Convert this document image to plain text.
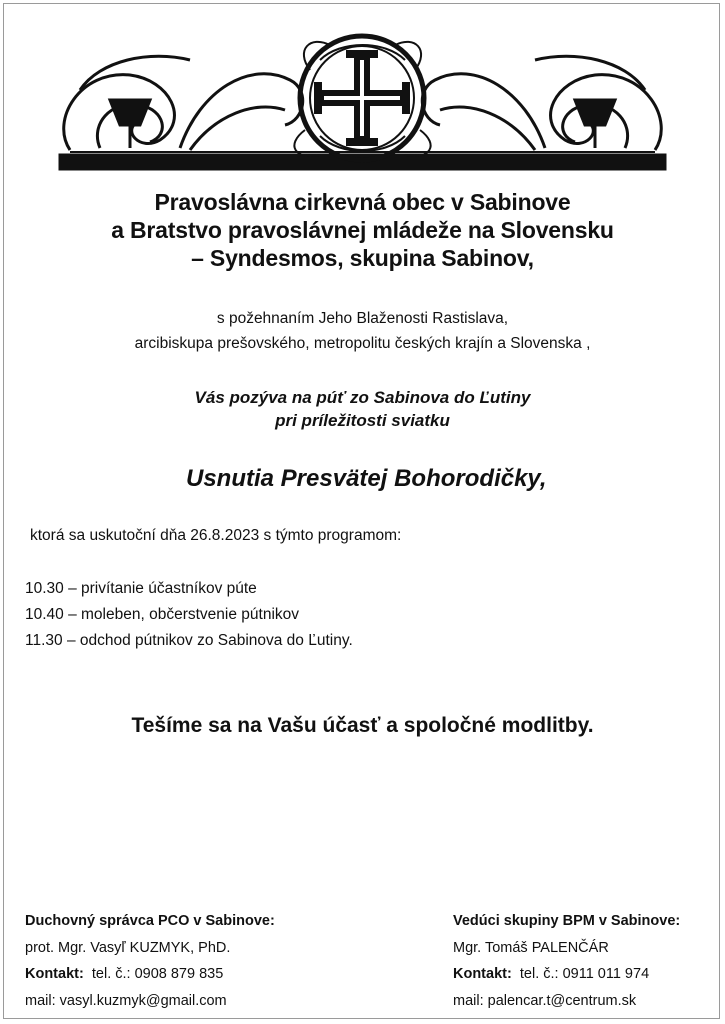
Pravoslávna cirkevná obec v Sabinove
a Bratstvo pravoslávnej mládeže na Slovensku
– Syndesmos, skupina Sabinov,
s požehnaním Jeho Blaženosti Rastislava,
arcibiskupa prešovského, metropolitu českých krajín a Slovenska ,
Vás pozýva na púť zo Sabinova do Ľutiny
pri príležitosti sviatku
Usnutia Presvätej Bohorodičky,
ktorá sa uskutoční dňa 26.8.2023 s týmto programom:
10.30 – privítanie účastníkov púte
10.40 – moleben, občerstvenie pútnikov
11.30 – odchod pútnikov zo Sabinova do Ľutiny.
Tešíme sa na Vašu účasť a spoločné modlitby.
Duchovný správca PCO v Sabinove:
prot. Mgr. Vasyľ KUZMYK, PhD.
Kontakt: tel. č.: 0908 879 835
mail: vasyl.kuzmyk@gmail.com
Vedúci skupiny BPM v Sabinove:
Mgr. Tomáš PALENČÁR
Kontakt: tel. č.: 0911 011 974
mail: palencar.t@centrum.sk
